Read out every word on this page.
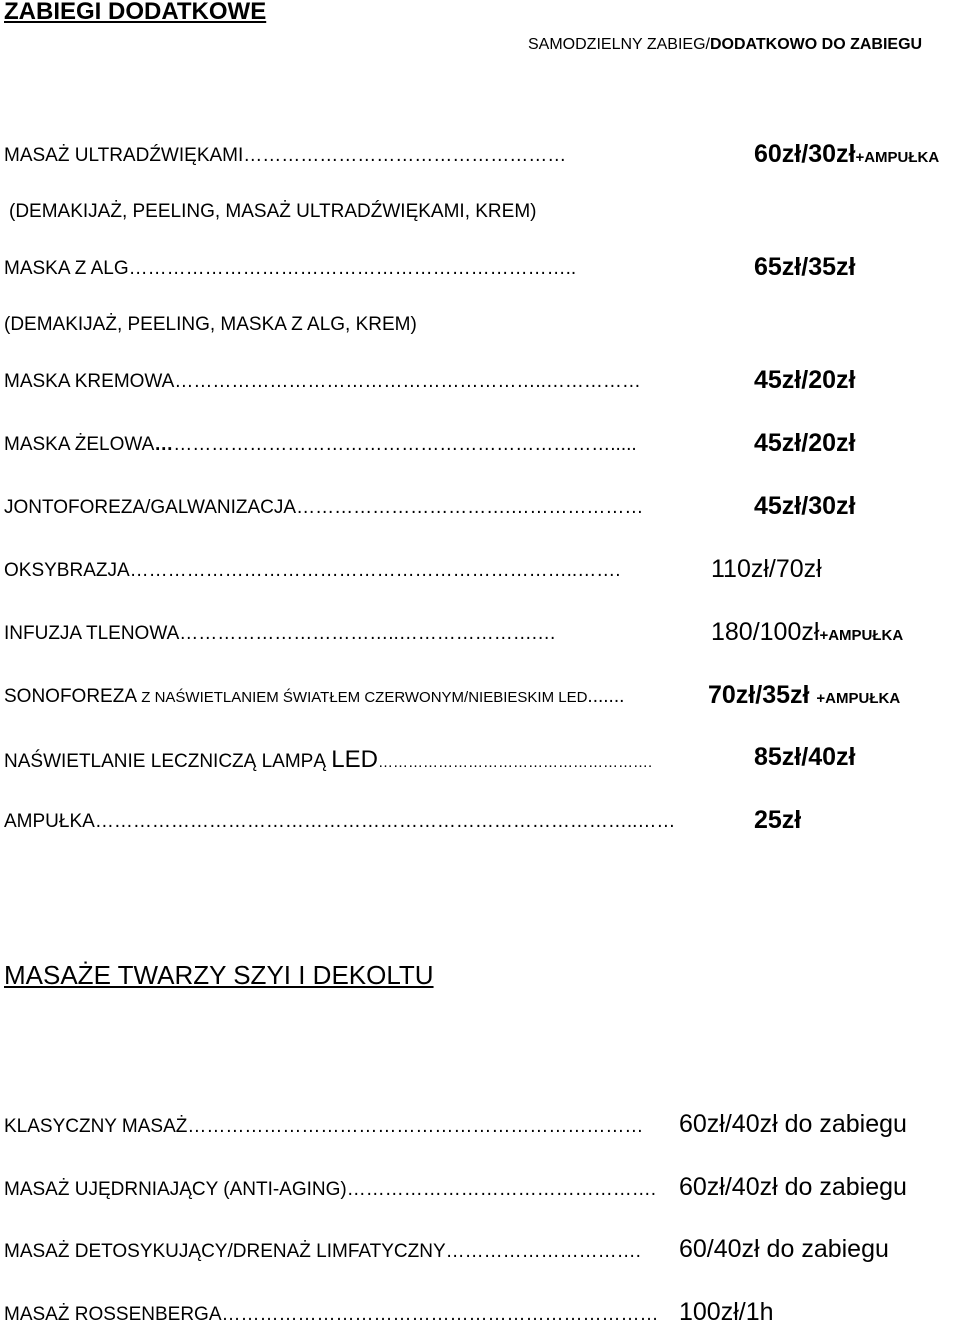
ZABIEGI DODATKOWE
SAMODZIELNY ZABIEG/DODATKOWO DO ZABIEGU
MASAŻ ULTRADŹWIĘKAMI……………………………………………	60zł/30zł+AMPUŁKA
(DEMAKIJAŻ, PEELING, MASAŻ ULTRADŹWIĘKAMI, KREM)
MASKA Z ALG……………………………………………………………..	65zł/35zł
(DEMAKIJAŻ, PEELING, MASKA Z ALG, KREM)
MASKA KREMOWA…………………………………………………..……………	45zł/20zł
MASKA ŻELOWA……………………………………………………………….....	45zł/20zł
JONTOFOREZA/GALWANIZACJA…………………………….…………………	45zł/30zł
OKSYBRAZJA……………………………………………………………..…….	110zł/70zł
INFUZJA TLENOWA……………………………..………………….…	180/100zł+AMPUŁKA
SONOFOREZA Z NAŚWIETLANIEM ŚWIATŁEM CZERWONYM/NIEBIESKIM LED.......	70zł/35zł +AMPUŁKA
NAŚWIETLANIE LECZNICZĄ LAMPĄ LED……………………………………………….	85zł/40zł
AMPUŁKA…………………………………………………………………………..……	25zł
MASAŻE TWARZY SZYI I DEKOLTU
KLASYCZNY MASAŻ……………………………………………………………… 60zł/40zł do zabiegu
MASAŻ UJĘDRNIAJĄCY (ANTI-AGING)…………………………………………. 60zł/40zł do zabiegu
MASAŻ DETOSYKUJĄCY/DRENAŻ LIMFATYCZNY…………………………. 60/40zł do zabiegu
MASAŻ ROSSENBERGA…………………………………………………………… 100zł/1h
